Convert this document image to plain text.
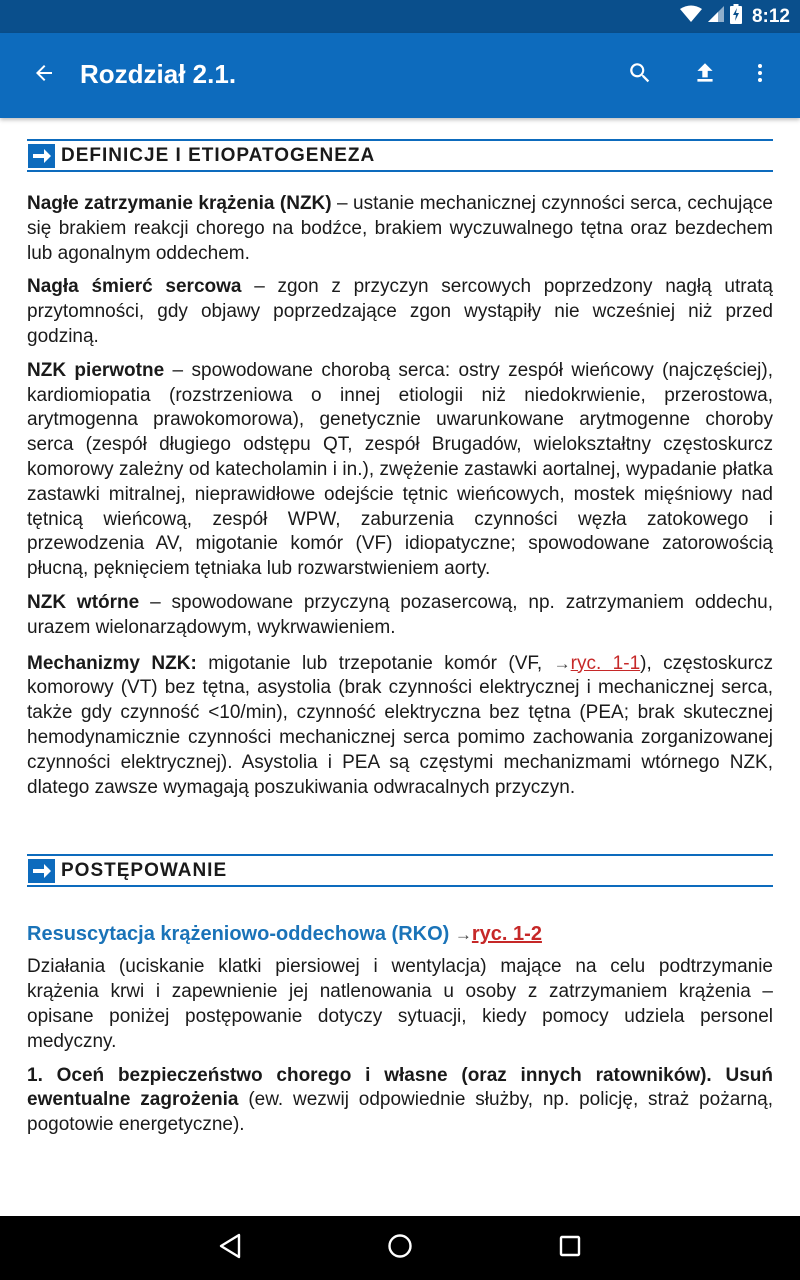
8:12
Rozdział 2.1.
DEFINICJE I ETIOPATOGENEZA

Nagłe zatrzymanie krążenia (NZK) – ustanie mechanicznej czynności serca, cechujące się brakiem reakcji chorego na bodźce, brakiem wyczuwalnego tętna oraz bezdechem lub agonalnym oddechem.

Nagła śmierć sercowa – zgon z przyczyn sercowych poprzedzony nagłą utratą przytomności, gdy objawy poprzedzające zgon wystąpiły nie wcześniej niż przed godziną.

NZK pierwotne – spowodowane chorobą serca: ostry zespół wieńcowy (najczęściej), kardiomiopatia (rozstrzeniowa o innej etiologii niż niedokrwienie, przerostowa, arytmogenna prawokomorowa), genetycznie uwarunkowane arytmogenne choroby serca (zespół długiego odstępu QT, zespół Brugadów, wielokształtny częstoskurcz komorowy zależny od katecholamin i in.), zwężenie zastawki aortalnej, wypadanie płatka zastawki mitralnej, nieprawidłowe odejście tętnic wieńcowych, mostek mięśniowy nad tętnicą wieńcową, zespół WPW, zaburzenia czynności węzła zatokowego i przewodzenia AV, migotanie komór (VF) idiopatyczne; spowodowane zatorowością płucną, pęknięciem tętniaka lub rozwarstwieniem aorty.

NZK wtórne – spowodowane przyczyną pozasercową, np. zatrzymaniem oddechu, urazem wielonarządowym, wykrwawieniem.

Mechanizmy NZK: migotanie lub trzepotanie komór (VF, →ryc. 1-1), częstoskurcz komorowy (VT) bez tętna, asystolia (brak czynności elektrycznej i mechanicznej serca, także gdy czynność <10/min), czynność elektryczna bez tętna (PEA; brak skutecznej hemodynamicznie czynności mechanicznej serca pomimo zachowania zorganizowanej czynności elektrycznej). Asystolia i PEA są częstymi mechanizmami wtórnego NZK, dlatego zawsze wymagają poszukiwania odwracalnych przyczyn.

POSTĘPOWANIE
Resuscytacja krążeniowo-oddechowa (RKO) →ryc. 1-2

Działania (uciskanie klatki piersiowej i wentylacja) mające na celu podtrzymanie krążenia krwi i zapewnienie jej natlenowania u osoby z zatrzymaniem krążenia – opisane poniżej postępowanie dotyczy sytuacji, kiedy pomocy udziela personel medyczny.

1. Oceń bezpieczeństwo chorego i własne (oraz innych ratowników). Usuń ewentualne zagrożenia (ew. wezwij odpowiednie służby, np. policję, straż pożarną, pogotowie energetyczne).
